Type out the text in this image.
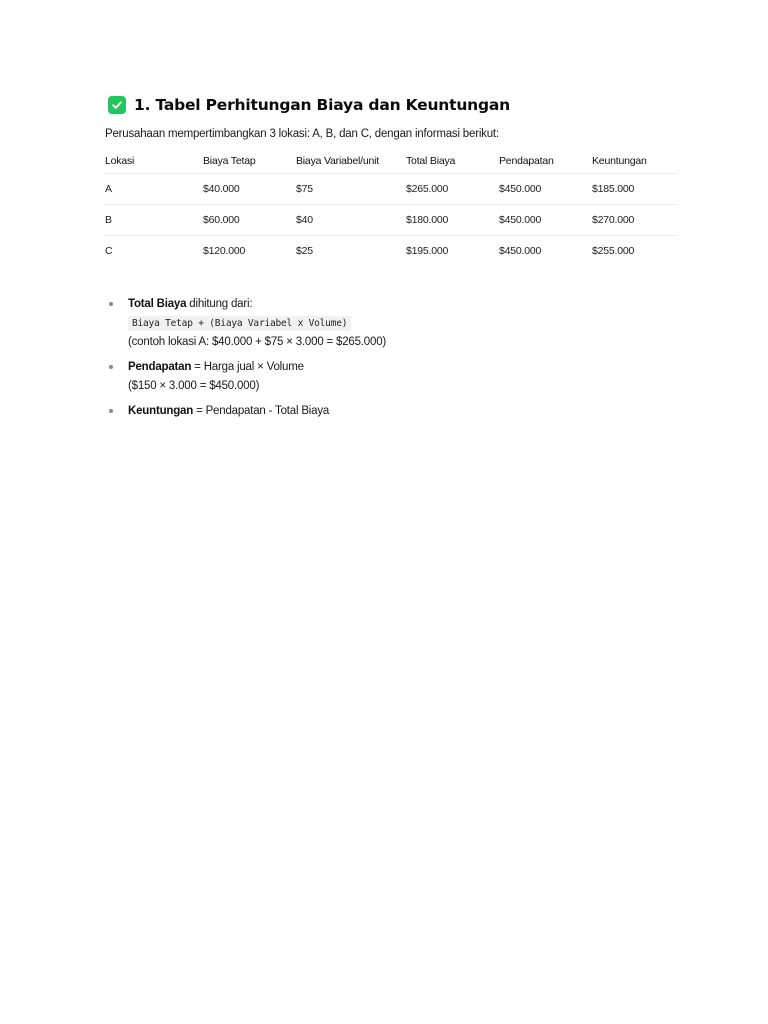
1. Tabel Perhitungan Biaya dan Keuntungan
Perusahaan mempertimbangkan 3 lokasi: A, B, dan C, dengan informasi berikut:
Lokasi	Biaya Tetap	Biaya Variabel/unit	Total Biaya	Pendapatan	Keuntungan
A	$40.000	$75	$265.000	$450.000	$185.000
B	$60.000	$40	$180.000	$450.000	$270.000
C	$120.000	$25	$195.000	$450.000	$255.000
Total Biaya dihitung dari:
Biaya Tetap + (Biaya Variabel x Volume)
(contoh lokasi A: $40.000 + $75 × 3.000 = $265.000)
Pendapatan = Harga jual × Volume
($150 × 3.000 = $450.000)
Keuntungan = Pendapatan - Total Biaya
